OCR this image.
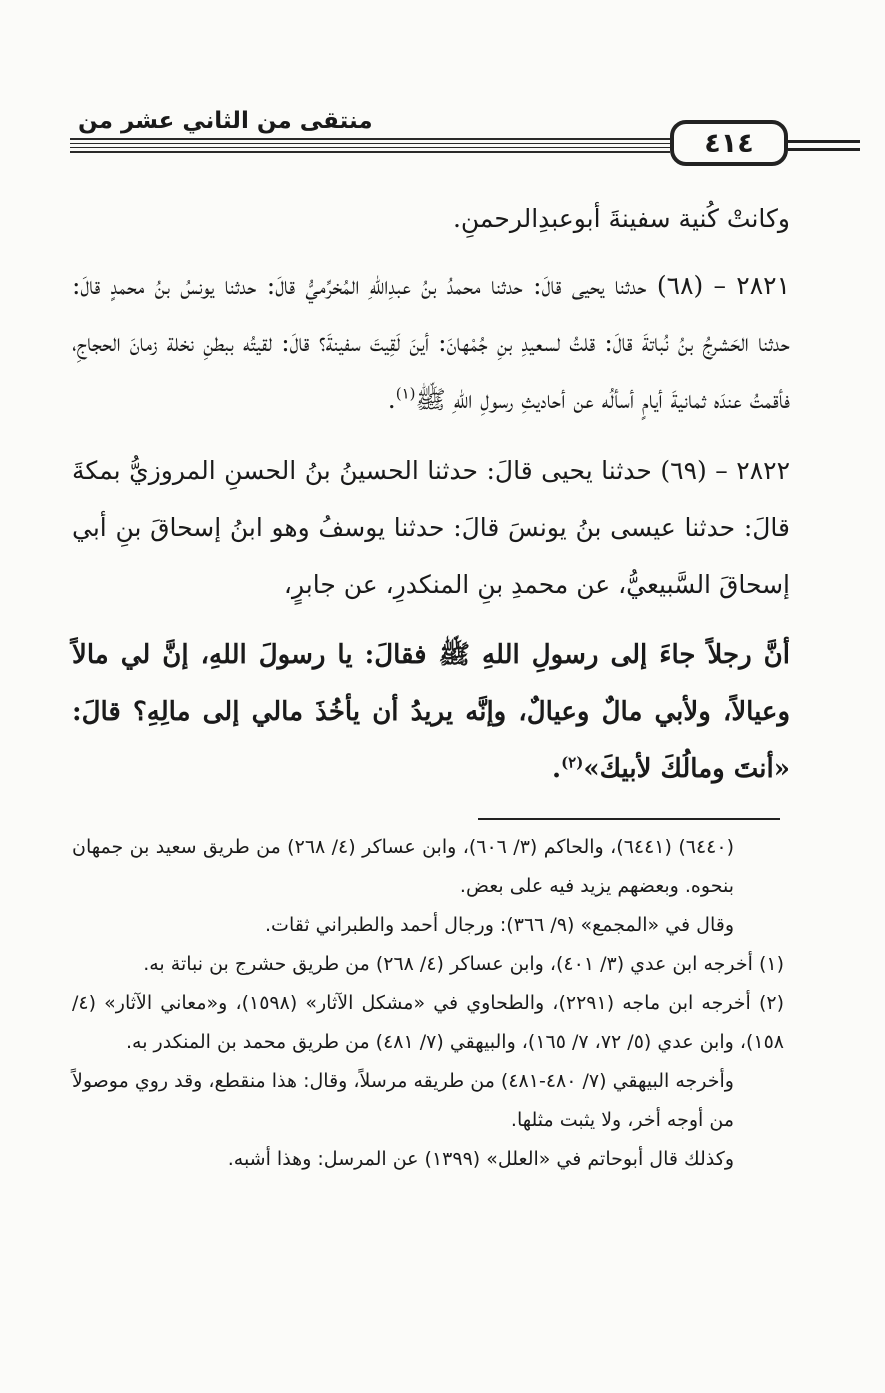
منتقى من الثاني عشر من
٤١٤

وكانتْ كُنية سفينةَ أبوعبدِالرحمنِ.

٢٨٢١ – (٦٨) حدثنا يحيى قالَ: حدثنا محمدُ بنُ عبدِاللهِ المُخرِّميُّ قالَ: حدثنا يونسُ بنُ محمدٍ قالَ: حدثنا الحَشرجُ بنُ نُباتةَ قالَ: قلتُ لسعيدِ بنِ جُمْهانَ: أينَ لَقِيتَ سفينةَ؟ قالَ: لقيتُه ببطنِ نخلة زمانَ الحجاجِ، فأقمتُ عندَه ثمانيةَ أيامٍ أسألُه عن أحاديثِ رسولِ اللهِ ﷺ$^{(١)}$.

٢٨٢٢ – (٦٩) حدثنا يحيى قالَ: حدثنا الحسينُ بنُ الحسنِ المروزيُّ بمكةَ قالَ: حدثنا عيسى بنُ يونسَ قالَ: حدثنا يوسفُ وهو ابنُ إسحاقَ بنِ أبي إسحاقَ السَّبيعيُّ، عن محمدِ بنِ المنكدرِ، عن جابرٍ،

أنَّ رجلاً جاءَ إلى رسولِ اللهِ ﷺ فقالَ: يا رسولَ اللهِ، إنَّ لي مالاً وعيالاً، ولأبي مالٌ وعيالٌ، وإنَّه يريدُ أن يأخُذَ مالي إلى مالِهِ؟ قالَ: «أنتَ ومالُكَ لأبيكَ»$^{(٢)}$.

(٦٤٤٠) (٦٤٤١)، والحاكم (٣/ ٦٠٦)، وابن عساكر (٤/ ٢٦٨) من طريق سعيد بن جمهان بنحوه. وبعضهم يزيد فيه على بعض.

وقال في «المجمع» (٩/ ٣٦٦): ورجال أحمد والطبراني ثقات.

(١) أخرجه ابن عدي (٣/ ٤٠١)، وابن عساكر (٤/ ٢٦٨) من طريق حشرج بن نباتة به.

(٢) أخرجه ابن ماجه (٢٢٩١)، والطحاوي في «مشكل الآثار» (١٥٩٨)، و«معاني الآثار» (٤/ ١٥٨)، وابن عدي (٥/ ٧٢، ٧/ ١٦٥)، والبيهقي (٧/ ٤٨١) من طريق محمد بن المنكدر به.

وأخرجه البيهقي (٧/ ٤٨٠-٤٨١) من طريقه مرسلاً، وقال: هذا منقطع، وقد روي موصولاً من أوجه أخر، ولا يثبت مثلها.

وكذلك قال أبوحاتم في «العلل» (١٣٩٩) عن المرسل: وهذا أشبه.
